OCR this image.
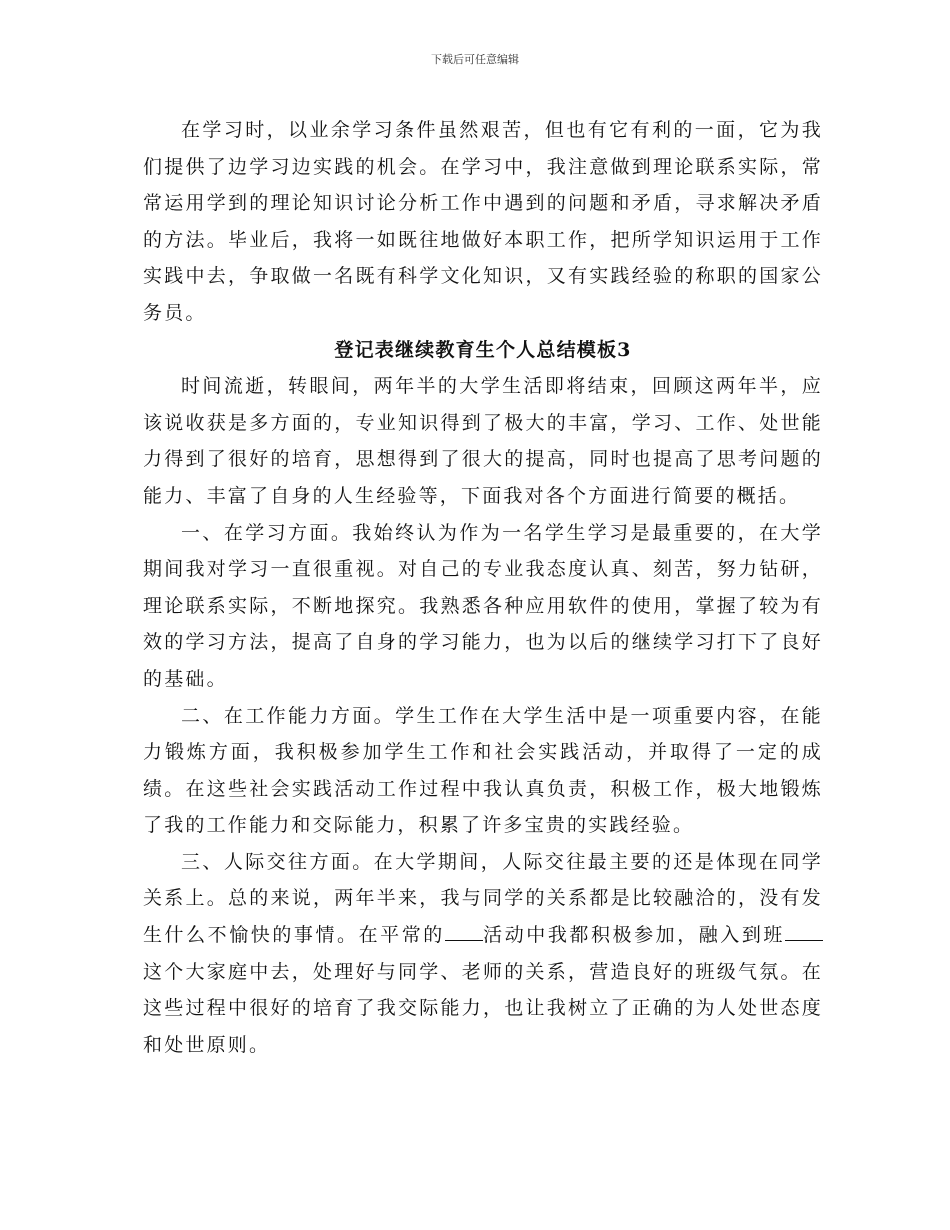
下载后可任意编辑

在学习时，以业余学习条件虽然艰苦，但也有它有利的一面，它为我们提供了边学习边实践的机会。在学习中，我注意做到理论联系实际，常常运用学到的理论知识讨论分析工作中遇到的问题和矛盾，寻求解决矛盾的方法。毕业后，我将一如既往地做好本职工作，把所学知识运用于工作实践中去，争取做一名既有科学文化知识，又有实践经验的称职的国家公务员。

登记表继续教育生个人总结模板3

时间流逝，转眼间，两年半的大学生活即将结束，回顾这两年半，应该说收获是多方面的，专业知识得到了极大的丰富，学习、工作、处世能力得到了很好的培育，思想得到了很大的提高，同时也提高了思考问题的能力、丰富了自身的人生经验等，下面我对各个方面进行简要的概括。

一、在学习方面。我始终认为作为一名学生学习是最重要的，在大学期间我对学习一直很重视。对自己的专业我态度认真、刻苦，努力钻研，理论联系实际，不断地探究。我熟悉各种应用软件的使用，掌握了较为有效的学习方法，提高了自身的学习能力，也为以后的继续学习打下了良好的基础。

二、在工作能力方面。学生工作在大学生活中是一项重要内容，在能力锻炼方面，我积极参加学生工作和社会实践活动，并取得了一定的成绩。在这些社会实践活动工作过程中我认真负责，积极工作，极大地锻炼了我的工作能力和交际能力，积累了许多宝贵的实践经验。

三、人际交往方面。在大学期间，人际交往最主要的还是体现在同学关系上。总的来说，两年半来，我与同学的关系都是比较融洽的，没有发生什么不愉快的事情。在平常的 活动中我都积极参加，融入到班这个大家庭中去，处理好与同学、老师的关系，营造良好的班级气氛。在这些过程中很好的培育了我交际能力，也让我树立了正确的为人处世态度和处世原则。
